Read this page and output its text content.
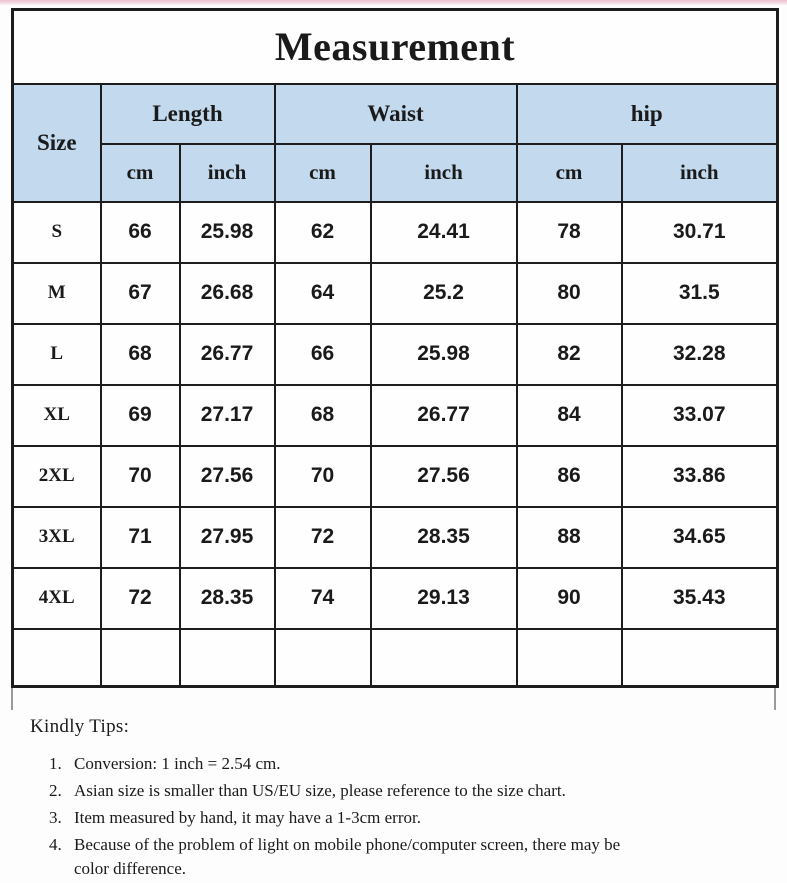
Measurement						
Size	Length		Waist		hip	
	cm	inch	cm	inch	cm	inch
S	66	25.98	62	24.41	78	30.71
M	67	26.68	64	25.2	80	31.5
L	68	26.77	66	25.98	82	32.28
XL	69	27.17	68	26.77	84	33.07
2XL	70	27.56	70	27.56	86	33.86
3XL	71	27.95	72	28.35	88	34.65
4XL	72	28.35	74	29.13	90	35.43

Kindly Tips:
1. Conversion: 1 inch = 2.54 cm.
2. Asian size is smaller than US/EU size, please reference to the size chart.
3. Item measured by hand, it may have a 1-3cm error.
4. Because of the problem of light on mobile phone/computer screen, there may be color difference.
